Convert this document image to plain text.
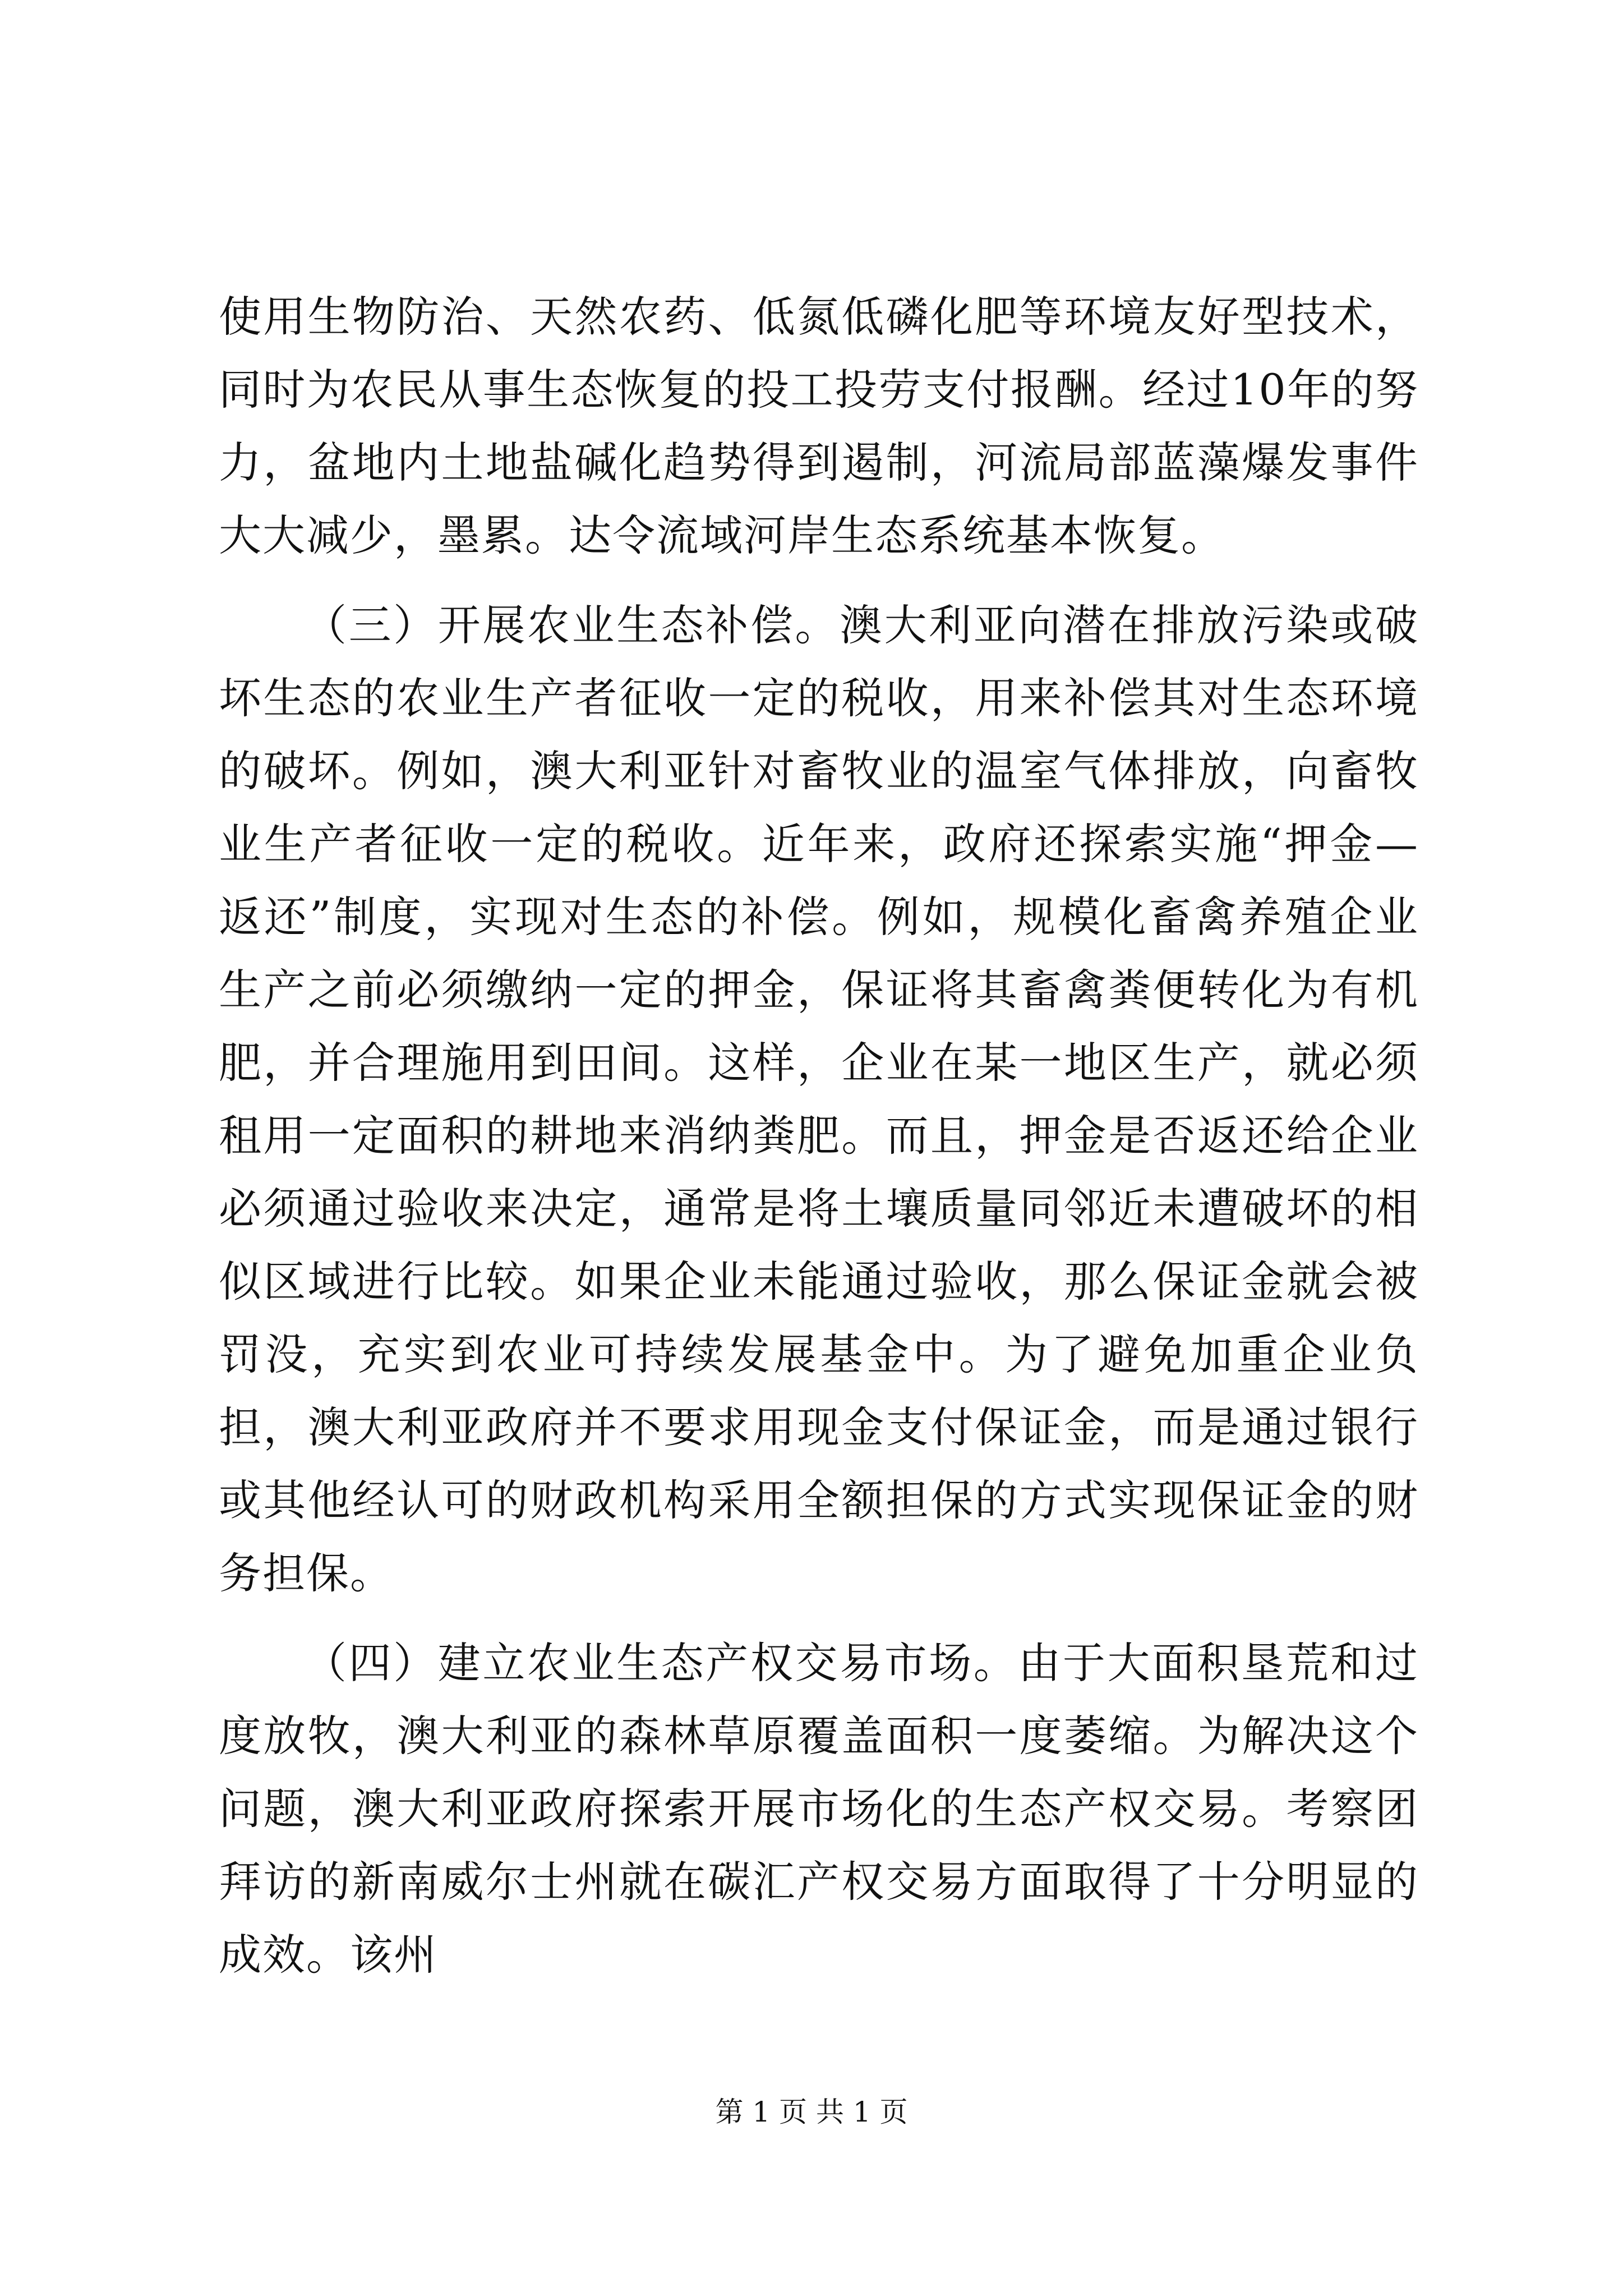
使用生物防治、天然农药、低氮低磷化肥等环境友好型技术，同时为农民从事生态恢复的投工投劳支付报酬。经过10年的努力，盆地内土地盐碱化趋势得到遏制，河流局部蓝藻爆发事件大大减少，墨累。达令流域河岸生态系统基本恢复。

（三）开展农业生态补偿。澳大利亚向潜在排放污染或破坏生态的农业生产者征收一定的税收，用来补偿其对生态环境的破坏。例如，澳大利亚针对畜牧业的温室气体排放，向畜牧业生产者征收一定的税收。近年来，政府还探索实施“押金—返还”制度，实现对生态的补偿。例如，规模化畜禽养殖企业生产之前必须缴纳一定的押金，保证将其畜禽粪便转化为有机肥，并合理施用到田间。这样，企业在某一地区生产，就必须租用一定面积的耕地来消纳粪肥。而且，押金是否返还给企业必须通过验收来决定，通常是将土壤质量同邻近未遭破坏的相似区域进行比较。如果企业未能通过验收，那么保证金就会被罚没，充实到农业可持续发展基金中。为了避免加重企业负担，澳大利亚政府并不要求用现金支付保证金，而是通过银行或其他经认可的财政机构采用全额担保的方式实现保证金的财务担保。

（四）建立农业生态产权交易市场。由于大面积垦荒和过度放牧，澳大利亚的森林草原覆盖面积一度萎缩。为解决这个问题，澳大利亚政府探索开展市场化的生态产权交易。考察团拜访的新南威尔士州就在碳汇产权交易方面取得了十分明显的成效。该州

第 1 页 共 1 页
